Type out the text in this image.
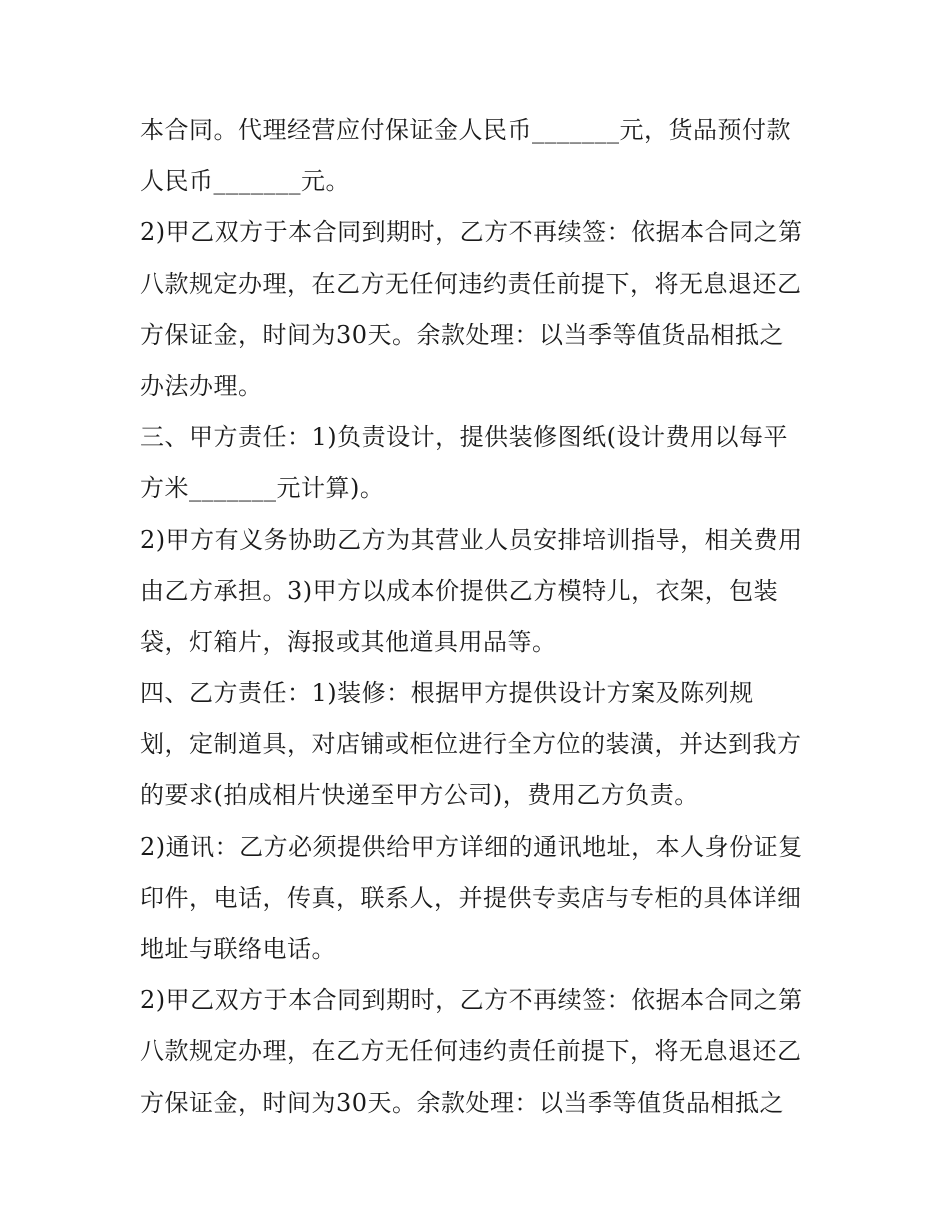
本合同。代理经营应付保证金人民币_______元，货品预付款
人民币_______元。
2)甲乙双方于本合同到期时，乙方不再续签：依据本合同之第
八款规定办理，在乙方无任何违约责任前提下，将无息退还乙
方保证金，时间为30天。余款处理：以当季等值货品相抵之
办法办理。
三、甲方责任：1)负责设计，提供装修图纸(设计费用以每平
方米_______元计算)。
2)甲方有义务协助乙方为其营业人员安排培训指导，相关费用
由乙方承担。3)甲方以成本价提供乙方模特儿，衣架，包装
袋，灯箱片，海报或其他道具用品等。
四、乙方责任：1)装修：根据甲方提供设计方案及陈列规
划，定制道具，对店铺或柜位进行全方位的装潢，并达到我方
的要求(拍成相片快递至甲方公司)，费用乙方负责。
2)通讯：乙方必须提供给甲方详细的通讯地址，本人身份证复
印件，电话，传真，联系人，并提供专卖店与专柜的具体详细
地址与联络电话。
2)甲乙双方于本合同到期时，乙方不再续签：依据本合同之第
八款规定办理，在乙方无任何违约责任前提下，将无息退还乙
方保证金，时间为30天。余款处理：以当季等值货品相抵之
